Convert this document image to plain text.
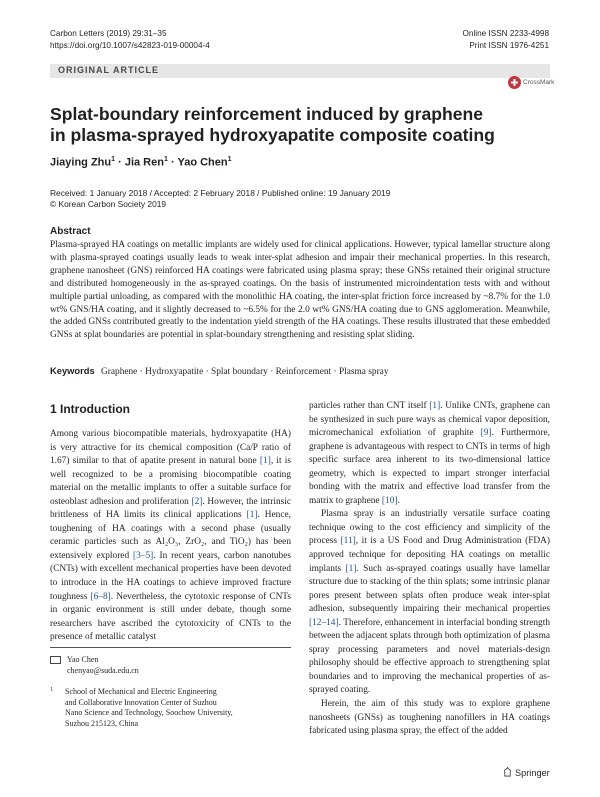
Carbon Letters (2019) 29:31–35
https://doi.org/10.1007/s42823-019-00004-4
Online ISSN 2233-4998
Print ISSN 1976-4251
ORIGINAL ARTICLE
CrossMark
Splat-boundary reinforcement induced by graphene
in plasma-sprayed hydroxyapatite composite coating
Jiaying Zhu$^1$ · Jia Ren$^1$ · Yao Chen$^1$
Received: 1 January 2018 / Accepted: 2 February 2018 / Published online: 19 January 2019
© Korean Carbon Society 2019
Abstract
Plasma-sprayed HA coatings on metallic implants are widely used for clinical applications. However, typical lamellar structure along with plasma-sprayed coatings usually leads to weak inter-splat adhesion and impair their mechanical properties. In this research, graphene nanosheet (GNS) reinforced HA coatings were fabricated using plasma spray; these GNSs retained their original structure and distributed homogeneously in the as-sprayed coatings. On the basis of instrumented microindentation tests with and without multiple partial unloading, as compared with the monolithic HA coating, the inter-splat friction force increased by ~8.7% for the 1.0 wt% GNS/HA coating, and it slightly decreased to ~6.5% for the 2.0 wt% GNS/HA coating due to GNS agglomeration. Meanwhile, the added GNSs contributed greatly to the indentation yield strength of the HA coatings. These results illustrated that these embedded GNSs at splat boundaries are potential in splat-boundary strengthening and resisting splat sliding.
Keywords Graphene · Hydroxyapatite · Splat boundary · Reinforcement · Plasma spray
1 Introduction

Among various biocompatible materials, hydroxyapatite (HA) is very attractive for its chemical composition (Ca/P ratio of 1.67) similar to that of apatite present in natural bone [1], it is well recognized to be a promising biocompatible coating material on the metallic implants to offer a suitable surface for osteoblast adhesion and proliferation [2]. However, the intrinsic brittleness of HA limits its clinical applications [1]. Hence, toughening of HA coatings with a second phase (usually ceramic particles such as Al₂O₃, ZrO₂, and TiO₂) has been extensively explored [3–5]. In recent years, carbon nanotubes (CNTs) with excellent mechanical properties have been devoted to introduce in the HA coatings to achieve improved fracture toughness [6–8]. Nevertheless, the cytotoxic response of CNTs in organic environment is still under debate, though some researchers have ascribed the cytotoxicity of CNTs to the presence of metallic catalyst

particles rather than CNT itself [1]. Unlike CNTs, graphene can be synthesized in such pure ways as chemical vapor deposition, micromechanical exfoliation of graphite [9]. Furthermore, graphene is advantageous with respect to CNTs in terms of high specific surface area inherent to its two-dimensional lattice geometry, which is expected to impart stronger interfacial bonding with the matrix and effective load transfer from the matrix to graphene [10].

Plasma spray is an industrially versatile surface coating technique owing to the cost efficiency and simplicity of the process [11], it is a US Food and Drug Administration (FDA) approved technique for depositing HA coatings on metallic implants [1]. Such as-sprayed coatings usually have lamellar structure due to stacking of the thin splats; some intrinsic planar pores present between splats often produce weak inter-splat adhesion, subsequently impairing their mechanical properties [12–14]. Therefore, enhancement in interfacial bonding strength between the adjacent splats through both optimization of plasma spray processing parameters and novel materials-design philosophy should be effective approach to strengthening splat boundaries and to improving the mechanical properties of as-sprayed coating.

Herein, the aim of this study was to explore graphene nanosheets (GNSs) as toughening nanofillers in HA coatings fabricated using plasma spray, the effect of the added

Yao Chen
chenyao@suda.edu.cn
1 School of Mechanical and Electric Engineering
and Collaborative Innovation Center of Suzhou
Nano Science and Technology, Soochow University,
Suzhou 215123, China
Springer
